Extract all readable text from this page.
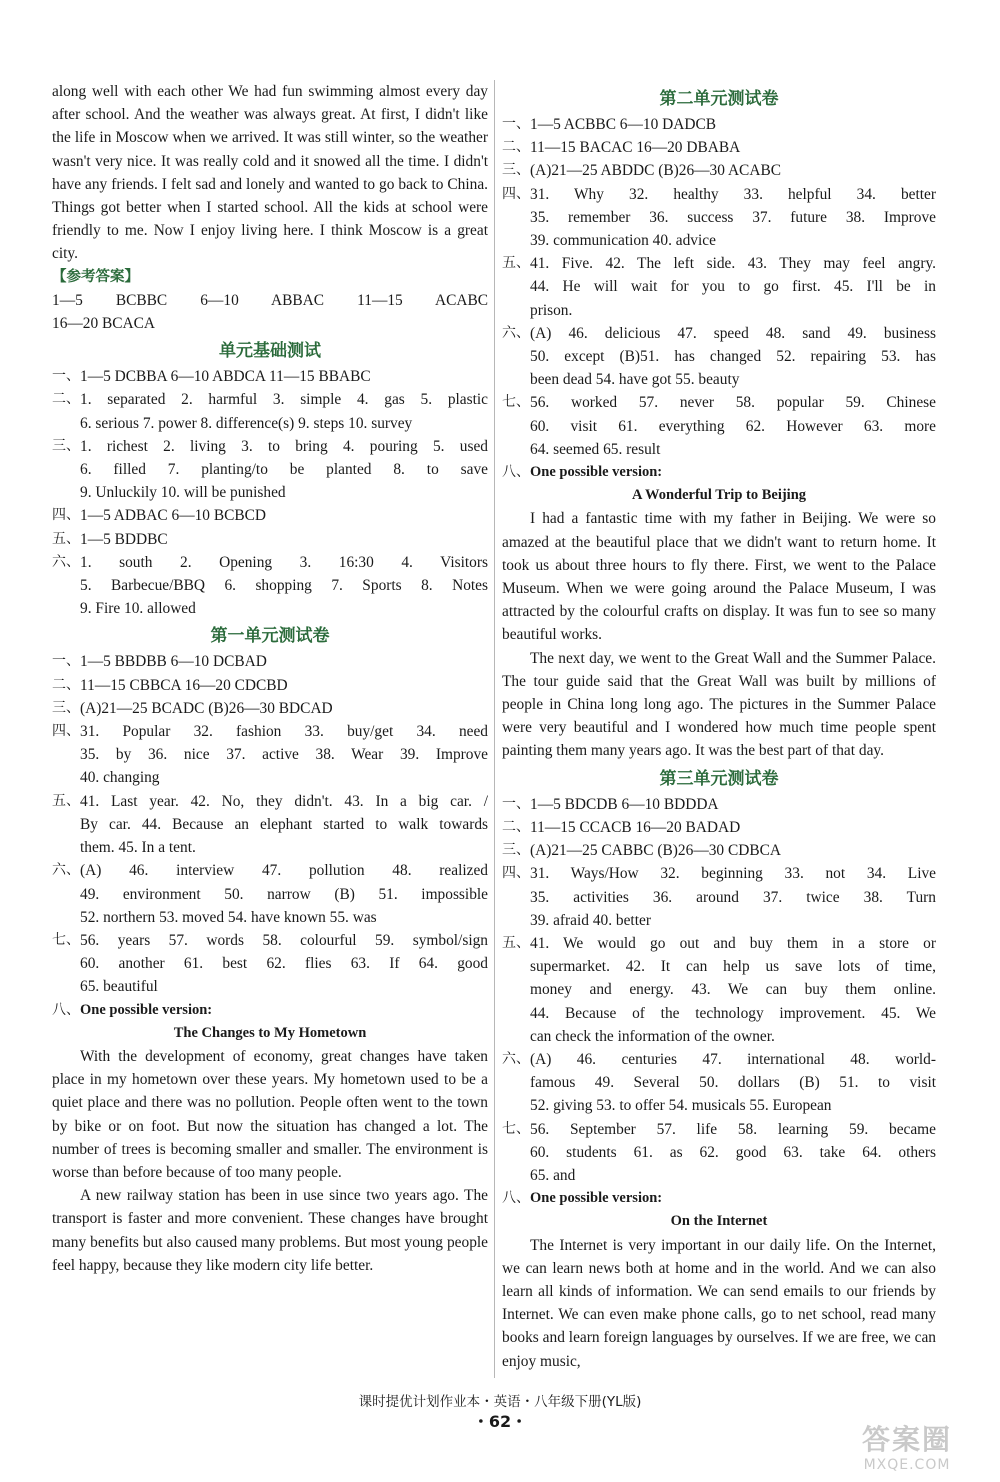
along well with each other We had fun swimming almost every day after school. And the weather was always great. At first, I didn't like the life in Moscow when we arrived. It was still winter, so the weather wasn't very nice. It was really cold and it snowed all the time. I didn't have any friends. I felt sad and lonely and wanted to go back to China. Things got better when I started school. All the kids at school were friendly to me. Now I enjoy living here. I think Moscow is a great city.

【参考答案】
1—5 BCBBC 6—10 ABBAC 11—15 ACABC
16—20 BCACA
单元基础测试
一、 1—5 DCBBA 6—10 ABDCA 11—15 BBABC
二、 1. separated 2. harmful 3. simple 4. gas 5. plastic
6. serious 7. power 8. difference(s) 9. steps 10. survey
三、 1. richest 2. living 3. to bring 4. pouring 5. used
6. filled 7. planting/to be planted 8. to save
9. Unluckily 10. will be punished
四、 1—5 ADBAC 6—10 BCBCD
五、 1—5 BDDBC
六、 1. south 2. Opening 3. 16:30 4. Visitors
5. Barbecue/BBQ 6. shopping 7. Sports 8. Notes
9. Fire 10. allowed
第一单元测试卷
一、 1—5 BBDBB 6—10 DCBAD
二、 11—15 CBBCA 16—20 CDCBD
三、 (A)21—25 BCADC (B)26—30 BDCAD
四、 31. Popular 32. fashion 33. buy/get 34. need
35. by 36. nice 37. active 38. Wear 39. Improve
40. changing
五、 41. Last year. 42. No, they didn't. 43. In a big car. /
By car. 44. Because an elephant started to walk towards
them. 45. In a tent.
六、 (A) 46. interview 47. pollution 48. realized
49. environment 50. narrow (B) 51. impossible
52. northern 53. moved 54. have known 55. was
七、 56. years 57. words 58. colourful 59. symbol/sign
60. another 61. best 62. flies 63. If 64. good
65. beautiful
八、 One possible version:
The Changes to My Hometown

With the development of economy, great changes have taken place in my hometown over these years. My hometown used to be a quiet place and there was no pollution. People often went to the town by bike or on foot. But now the situation has changed a lot. The number of trees is becoming smaller and smaller. The environment is worse than before because of too many people.

A new railway station has been in use since two years ago. The transport is faster and more convenient. These changes have brought many benefits but also caused many problems. But most young people feel happy, because they like modern city life better.

第二单元测试卷
一、 1—5 ACBBC 6—10 DADCB
二、 11—15 BACAC 16—20 DBABA
三、 (A)21—25 ABDDC (B)26—30 ACABC
四、 31. Why 32. healthy 33. helpful 34. better
35. remember 36. success 37. future 38. Improve
39. communication 40. advice
五、 41. Five. 42. The left side. 43. They may feel angry.
44. He will wait for you to go first. 45. I'll be in
prison.
六、 (A) 46. delicious 47. speed 48. sand 49. business
50. except (B)51. has changed 52. repairing 53. has
been dead 54. have got 55. beauty
七、 56. worked 57. never 58. popular 59. Chinese
60. visit 61. everything 62. However 63. more
64. seemed 65. result
八、 One possible version:
A Wonderful Trip to Beijing

I had a fantastic time with my father in Beijing. We were so amazed at the beautiful place that we didn't want to return home. It took us about three hours to fly there. First, we went to the Palace Museum. When we were going around the Palace Museum, I was attracted by the colourful crafts on display. It was fun to see so many beautiful works.

The next day, we went to the Great Wall and the Summer Palace. The tour guide said that the Great Wall was built by millions of people in China long long ago. The pictures in the Summer Palace were very beautiful and I wondered how much time people spent painting them many years ago. It was the best part of that day.

第三单元测试卷
一、 1—5 BDCDB 6—10 BDDDA
二、 11—15 CCACB 16—20 BADAD
三、 (A)21—25 CABBC (B)26—30 CDBCA
四、 31. Ways/How 32. beginning 33. not 34. Live
35. activities 36. around 37. twice 38. Turn
39. afraid 40. better
五、 41. We would go out and buy them in a store or
supermarket. 42. It can help us save lots of time,
money and energy. 43. We can buy them online.
44. Because of the technology improvement. 45. We
can check the information of the owner.
六、 (A) 46. centuries 47. international 48. world-
famous 49. Several 50. dollars (B) 51. to visit
52. giving 53. to offer 54. musicals 55. European
七、 56. September 57. life 58. learning 59. became
60. students 61. as 62. good 63. take 64. others
65. and
八、 One possible version:
On the Internet

The Internet is very important in our daily life. On the Internet, we can learn news both at home and in the world. And we can also learn all kinds of information. We can send emails to our friends by Internet. We can even make phone calls, go to net school, read many books and learn foreign languages by ourselves. If we are free, we can enjoy music,

课时提优计划作业本・英语・八年级下册(YL版)
・62・
答案圈
MXQE.COM
